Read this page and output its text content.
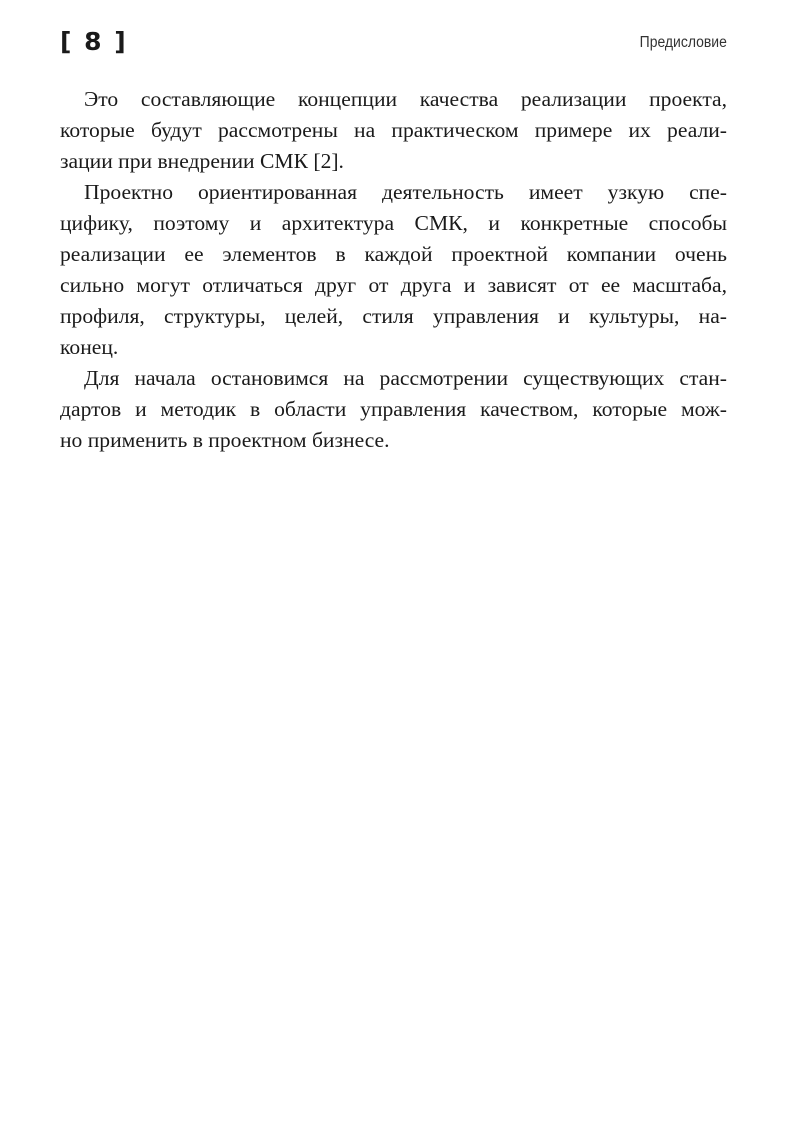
[ 8 ]	Предисловие

Это составляющие концепции качества реализации проекта,
которые будут рассмотрены на практическом примере их реали-
зации при внедрении СМК [2].

Проектно ориентированная деятельность имеет узкую спе-
цифику, поэтому и архитектура СМК, и конкретные способы
реализации ее элементов в каждой проектной компании очень
сильно могут отличаться друг от друга и зависят от ее масштаба,
профиля, структуры, целей, стиля управления и культуры, на-
конец.

Для начала остановимся на рассмотрении существующих стан-
дартов и методик в области управления качеством, которые мож-
но применить в проектном бизнесе.
